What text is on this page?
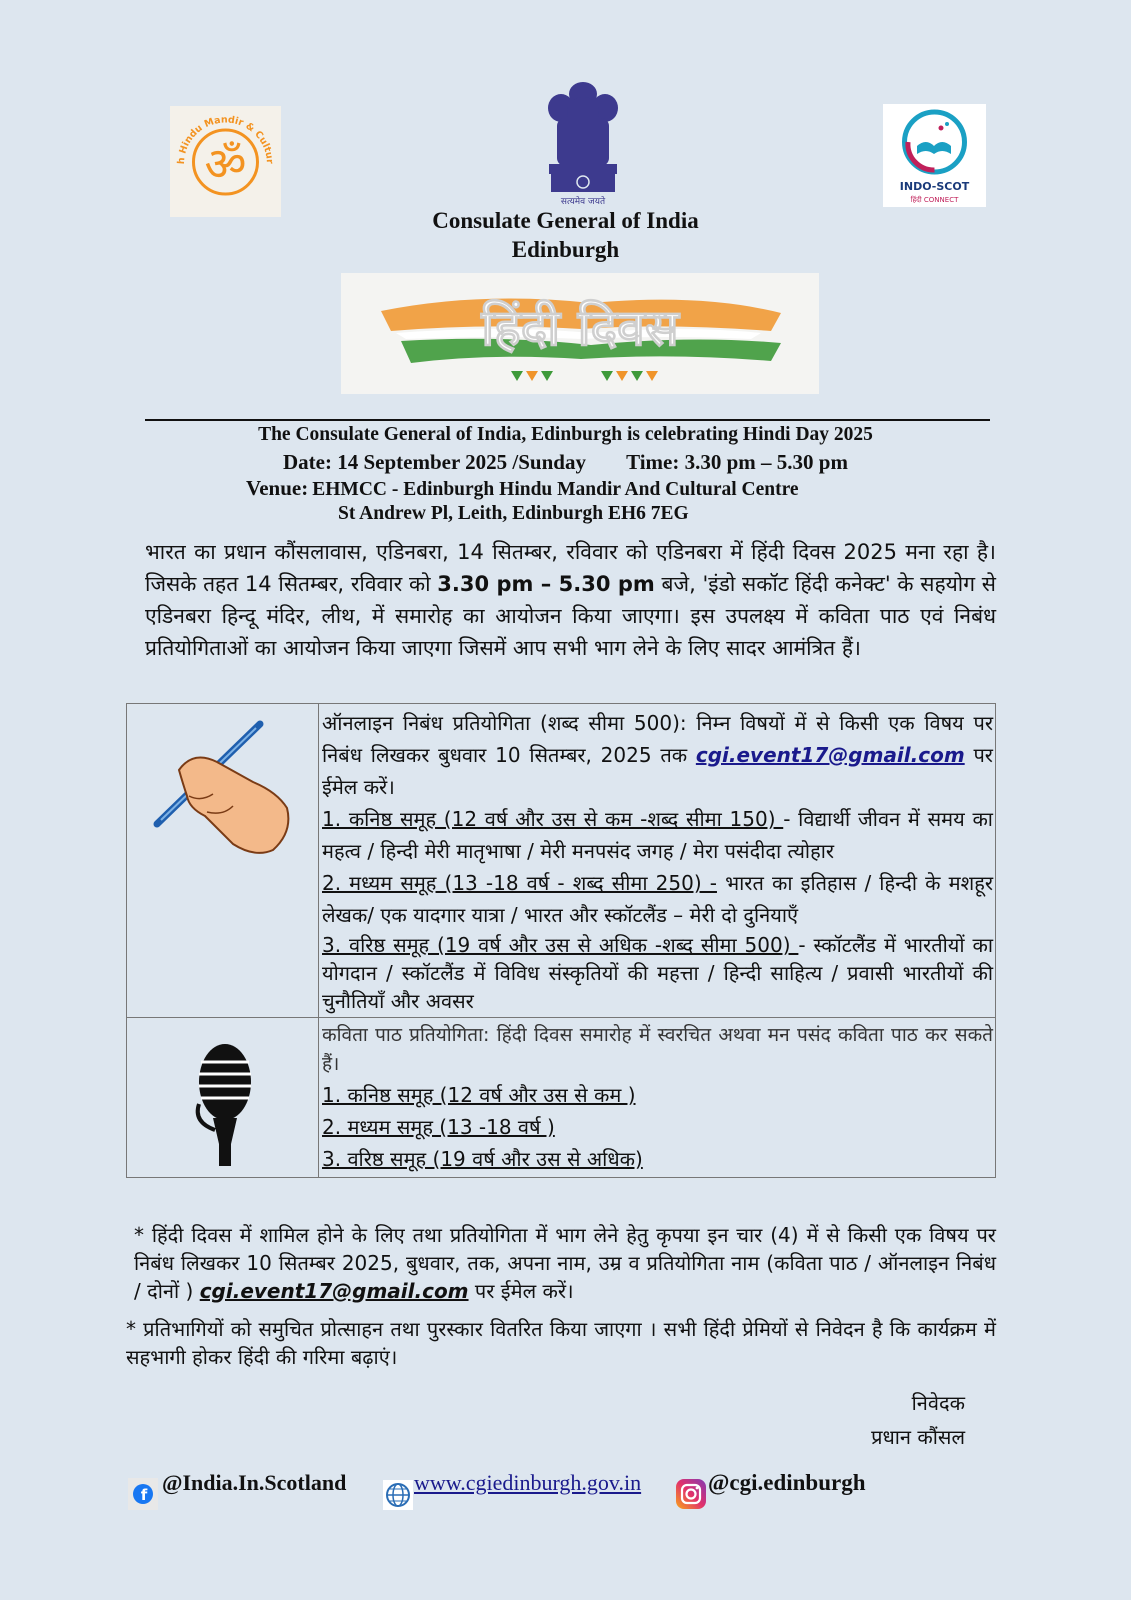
ॐ
h Hindu Mandir & Cultur
सत्यमेव जयते
INDO-SCOT
हिंदी CONNECT
Consulate General of India
Edinburgh
हिंदी दिवस
The Consulate General of India, Edinburgh is celebrating Hindi Day 2025
Date: 14 September 2025 /Sunday Time: 3.30 pm – 5.30 pm
Venue: EHMCC - Edinburgh Hindu Mandir And Cultural Centre
St Andrew Pl, Leith, Edinburgh EH6 7EG
भारत का प्रधान कौंसलावास, एडिनबरा, 14 सितम्बर, रविवार को एडिनबरा में हिंदी दिवस 2025 मना रहा है। जिसके तहत 14 सितम्बर, रविवार को 3.30 pm – 5.30 pm बजे, 'इंडो सकॉट हिंदी कनेक्ट' के सहयोग से एडिनबरा हिन्दू मंदिर, लीथ, में समारोह का आयोजन किया जाएगा। इस उपलक्ष्य में कविता पाठ एवं निबंध प्रतियोगिताओं का आयोजन किया जाएगा जिसमें आप सभी भाग लेने के लिए सादर आमंत्रित हैं।

ऑनलाइन निबंध प्रतियोगिता (शब्द सीमा 500): निम्न विषयों में से किसी एक विषय पर निबंध लिखकर बुधवार 10 सितम्बर, 2025 तक cgi.event17@gmail.com पर ईमेल करें।

1. कनिष्ठ समूह (12 वर्ष और उस से कम -शब्द सीमा 150) - विद्यार्थी जीवन में समय का महत्व / हिन्दी मेरी मातृभाषा / मेरी मनपसंद जगह / मेरा पसंदीदा त्योहार

2. मध्यम समूह (13 -18 वर्ष - शब्द सीमा 250) - भारत का इतिहास / हिन्दी के मशहूर लेखक/ एक यादगार यात्रा / भारत और स्कॉटलैंड – मेरी दो दुनियाएँ

3. वरिष्ठ समूह (19 वर्ष और उस से अधिक -शब्द सीमा 500) - स्कॉटलैंड में भारतीयों का योगदान / स्कॉटलैंड में विविध संस्कृतियों की महत्ता / हिन्दी साहित्य / प्रवासी भारतीयों की चुनौतियाँ और अवसर

कविता पाठ प्रतियोगिता: हिंदी दिवस समारोह में स्वरचित अथवा मन पसंद कविता पाठ कर सकते हैं।

1. कनिष्ठ समूह (12 वर्ष और उस से कम )

2. मध्यम समूह (13 -18 वर्ष )

3. वरिष्ठ समूह (19 वर्ष और उस से अधिक)

* हिंदी दिवस में शामिल होने के लिए तथा प्रतियोगिता में भाग लेने हेतु कृपया इन चार (4) में से किसी एक विषय पर निबंध लिखकर 10 सितम्बर 2025, बुधवार, तक, अपना नाम, उम्र व प्रतियोगिता नाम (कविता पाठ / ऑनलाइन निबंध / दोनों ) cgi.event17@gmail.com पर ईमेल करें।

* प्रतिभागियों को समुचित प्रोत्साहन तथा पुरस्कार वितरित किया जाएगा । सभी हिंदी प्रेमियों से निवेदन है कि कार्यक्रम में सहभागी होकर हिंदी की गरिमा बढ़ाएं।

निवेदक
प्रधान कौंसल
f @India.In.Scotland	www.cgiedinburgh.gov.in	@cgi.edinburgh
